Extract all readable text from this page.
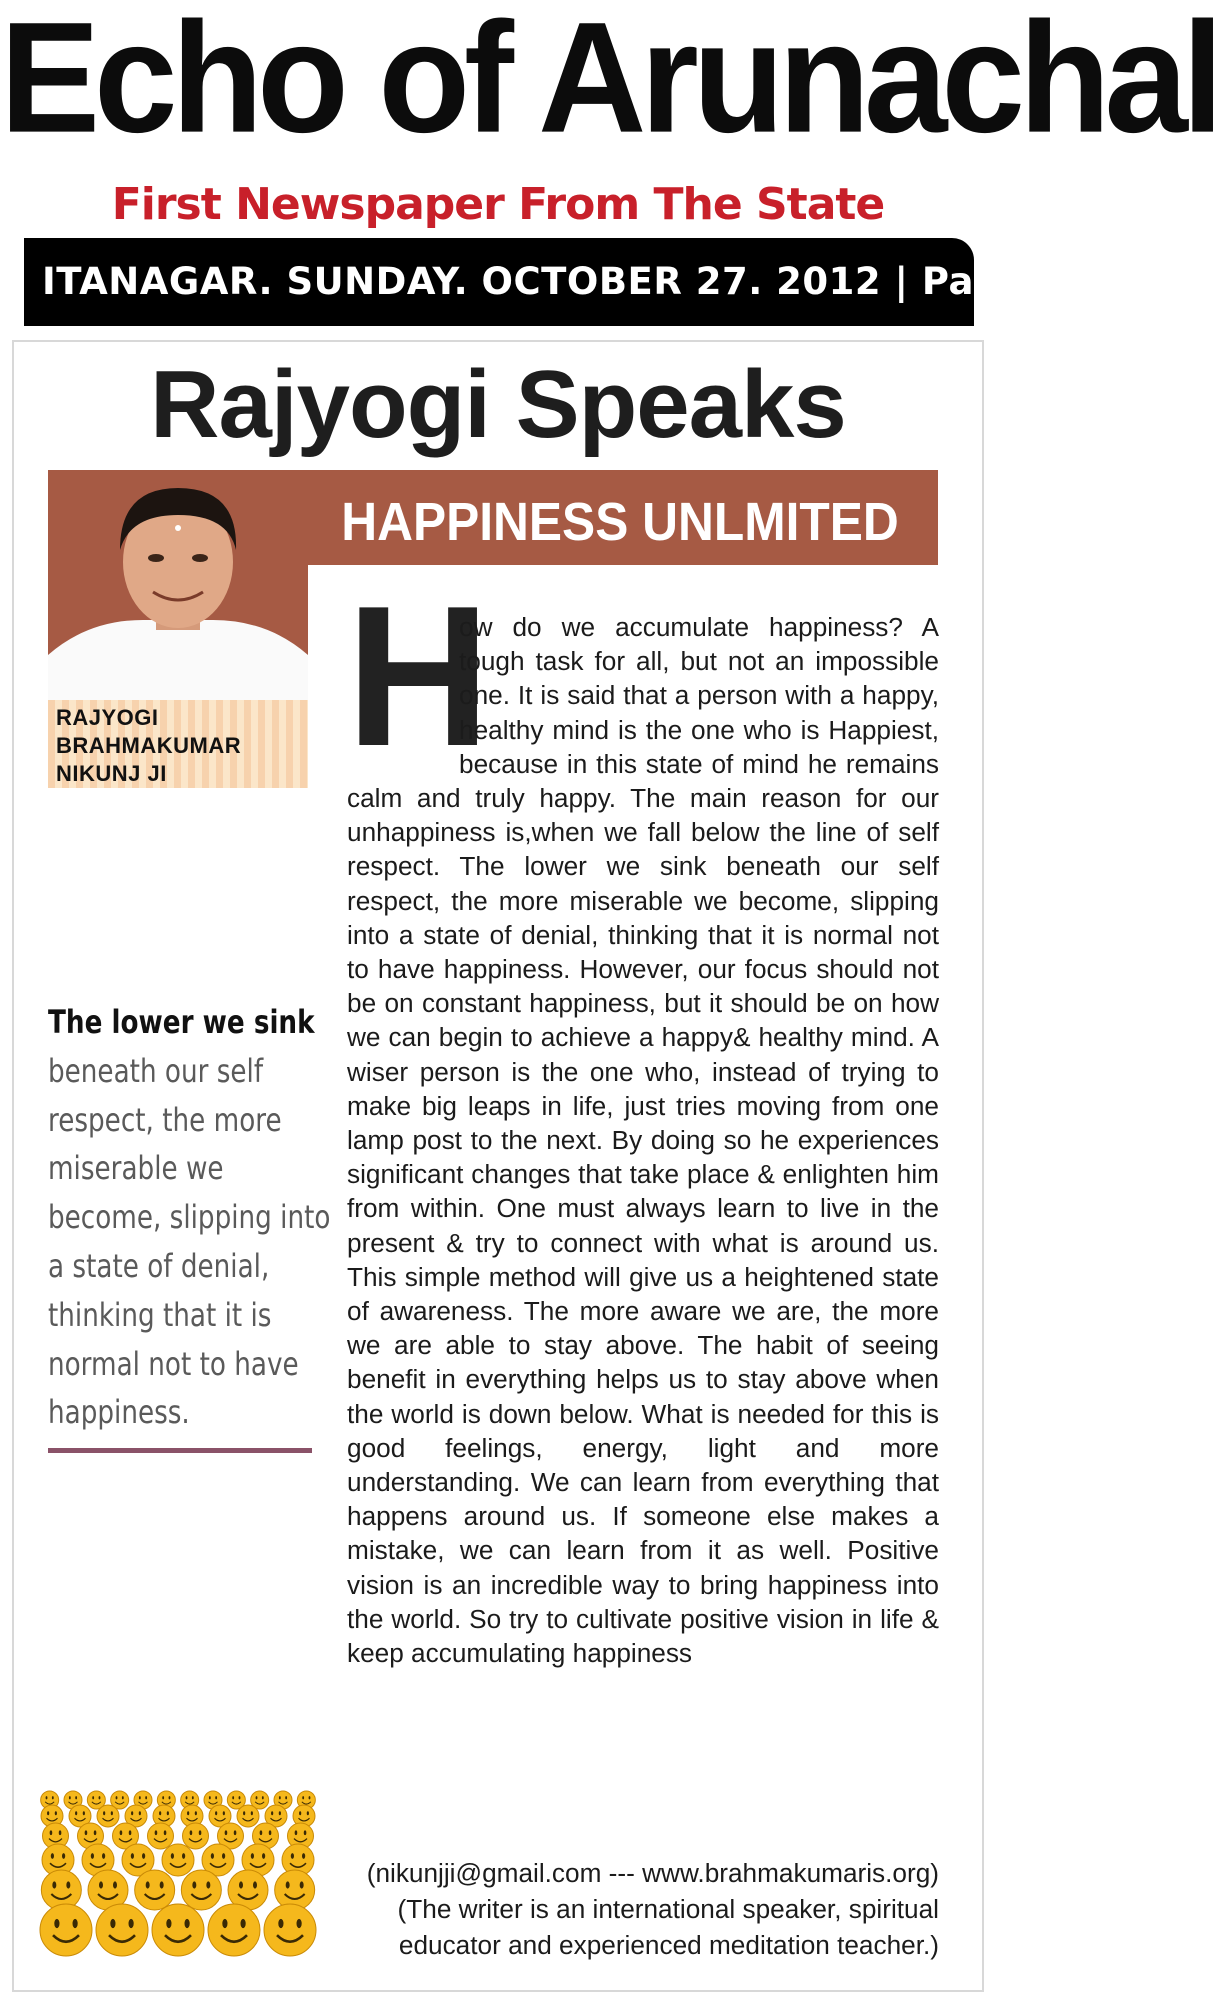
Echo of Arunachal
First Newspaper From The State
ITANAGAR. SUNDAY. OCTOBER 27. 2012 | Page 3
Rajyogi Speaks
HAPPINESS UNLMITED
RAJYOGI
BRAHMAKUMAR
NIKUNJ JI H
ow do we accumulate happiness? A tough task for all, but not an impossible one. It is said that a person with a happy, healthy mind is the one who is Happiest, because in this state of mind he remains calm and truly happy. The main reason for our unhappiness is,when we fall below the line of self respect. The lower we sink beneath our self respect, the more miserable we become, slipping into a state of denial, thinking that it is normal not to have happiness. However, our focus should not be on constant happiness, but it should be on how we can begin to achieve a happy& healthy mind. A wiser person is the one who, instead of trying to make big leaps in life, just tries moving from one lamp post to the next. By doing so he experiences significant changes that take place & enlighten him from within. One must always learn to live in the present & try to connect with what is around us. This simple method will give us a heightened state of awareness. The more aware we are, the more we are able to stay above. The habit of seeing benefit in everything helps us to stay above when the world is down below. What is needed for this is good feelings, energy, light and more understanding. We can learn from everything that happens around us. If someone else makes a mistake, we can learn from it as well. Positive vision is an incredible way to bring happiness into the world. So try to cultivate positive vision in life & keep accumulating happiness
The lower we sink beneath our self respect, the more miserable we become, slipping into a state of denial, thinking that it is normal not to have happiness.
(nikunjji@gmail.com --- www.brahmakumaris.org)
(The writer is an international speaker, spiritual
educator and experienced meditation teacher.)
